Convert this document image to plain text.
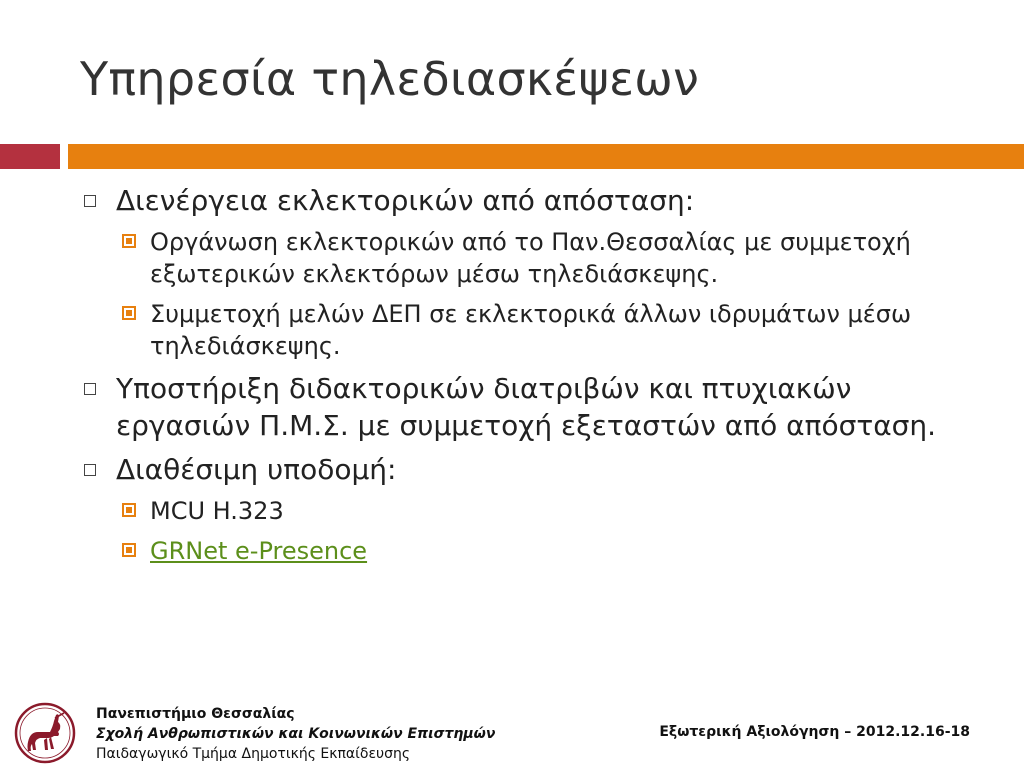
Υπηρεσία τηλεδιασκέψεων
Διενέργεια εκλεκτορικών από απόσταση:
Οργάνωση εκλεκτορικών από το Παν.Θεσσαλίας με συμμετοχή εξωτερικών εκλεκτόρων μέσω τηλεδιάσκεψης.
Συμμετοχή μελών ΔΕΠ σε εκλεκτορικά άλλων ιδρυμάτων μέσω τηλεδιάσκεψης.
Υποστήριξη διδακτορικών διατριβών και πτυχιακών εργασιών Π.Μ.Σ. με συμμετοχή εξεταστών από απόσταση.
Διαθέσιμη υποδομή:
MCU H.323
GRNet e-Presence
Πανεπιστήμιο Θεσσαλίας
Σχολή Ανθρωπιστικών και Κοινωνικών Επιστημών
Παιδαγωγικό Τμήμα Δημοτικής Εκπαίδευσης
Εξωτερική Αξιολόγηση – 2012.12.16-18
